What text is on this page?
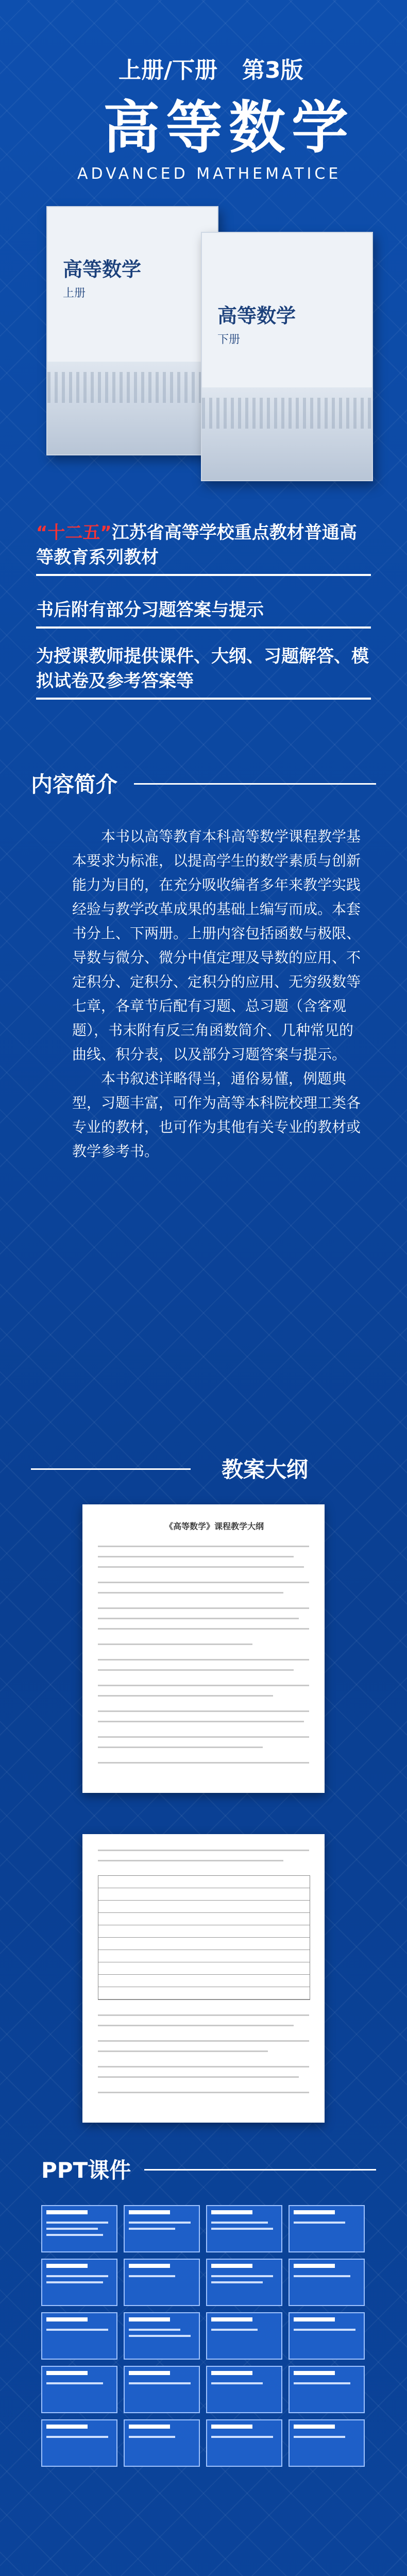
上册/下册 第3版
高等数学
ADVANCED MATHEMATICE
高等数学
上册
高等数学
下册
“十二五”江苏省高等学校重点教材普通高等教育系列教材
书后附有部分习题答案与提示
为授课教师提供课件、大纲、习题解答、模拟试卷及参考答案等
内容简介

本书以高等教育本科高等数学课程教学基本要求为标准，以提高学生的数学素质与创新能力为目的，在充分吸收编者多年来教学实践经验与教学改革成果的基础上编写而成。本套书分上、下两册。上册内容包括函数与极限、导数与微分、微分中值定理及导数的应用、不定积分、定积分、定积分的应用、无穷级数等七章，各章节后配有习题、总习题（含客观题），书末附有反三角函数简介、几种常见的曲线、积分表，以及部分习题答案与提示。

本书叙述详略得当，通俗易懂，例题典型，习题丰富，可作为高等本科院校理工类各专业的教材，也可作为其他有关专业的教材或教学参考书。

教案大纲
《高等数学》课程教学大纲
PPT课件
